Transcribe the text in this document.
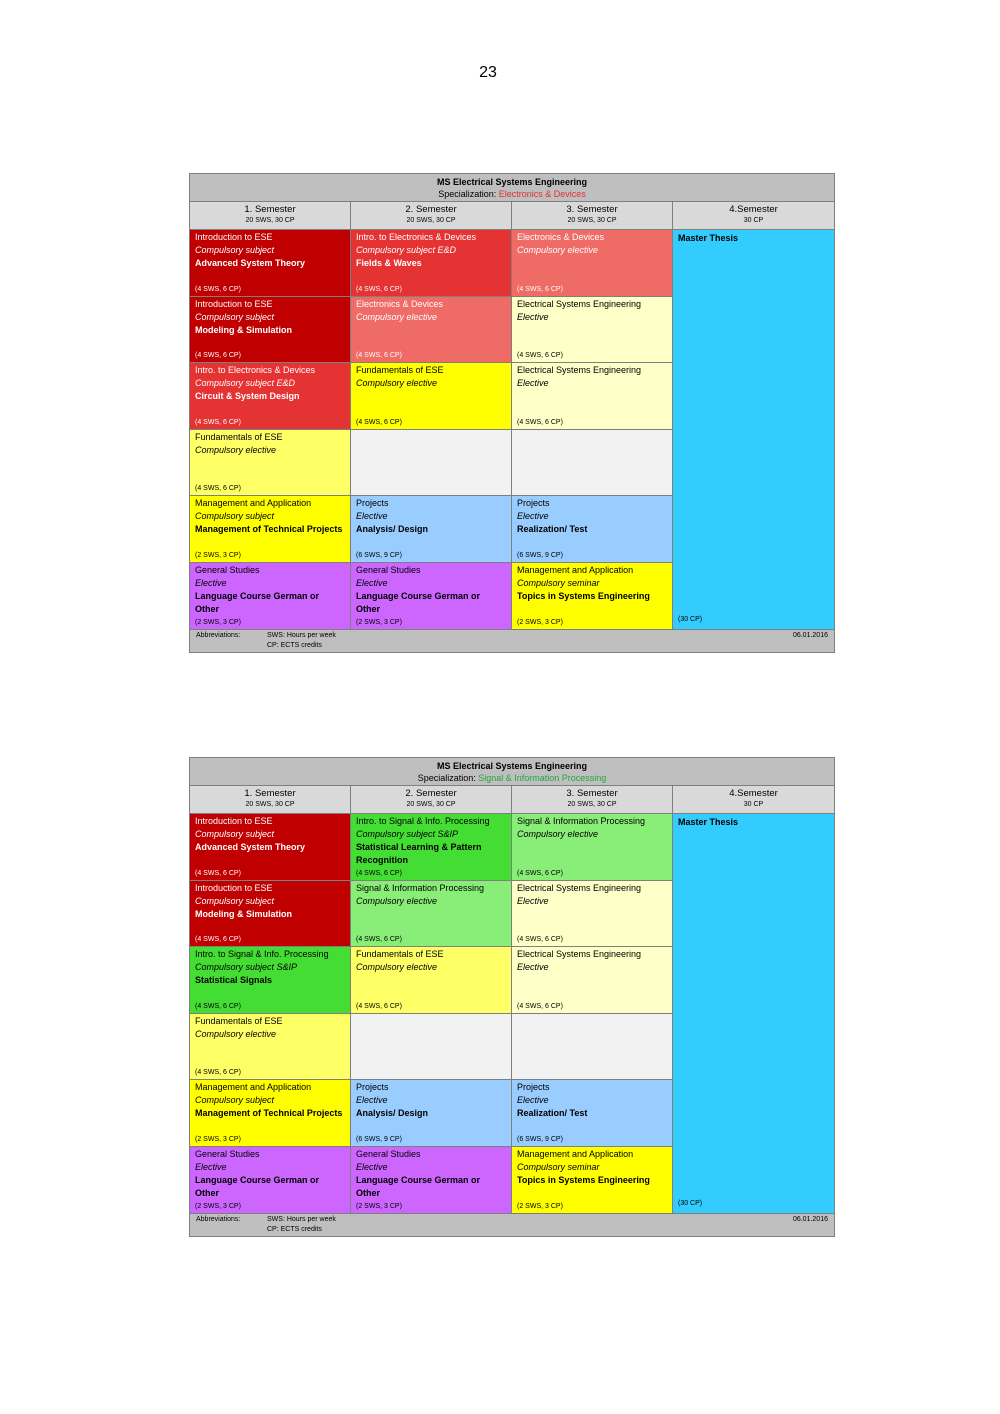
23
MS Electrical Systems Engineering
Specialization: Electronics & Devices
1. Semester
20 SWS, 30 CP
2. Semester
20 SWS, 30 CP
3. Semester
20 SWS, 30 CP
4.Semester
30 CP
Introduction to ESE
Compulsory subject
Advanced System Theory
(4 SWS, 6 CP)
Introduction to ESE
Compulsory subject
Modeling & Simulation
(4 SWS, 6 CP)
Intro. to Electronics & Devices
Compulsory subject E&D
Circuit & System Design
(4 SWS, 6 CP)
Fundamentals of ESE
Compulsory elective
(4 SWS, 6 CP)
Management and Application
Compulsory subject
Management of Technical Projects
(2 SWS, 3 CP)
General Studies
Elective
Language Course German or Other
(2 SWS, 3 CP)
Intro. to Electronics & Devices
Compulsory subject E&D
Fields & Waves
(4 SWS, 6 CP)
Electronics & Devices
Compulsory elective
(4 SWS, 6 CP)
Fundamentals of ESE
Compulsory elective
(4 SWS, 6 CP)
Projects
Elective
Analysis/ Design
(6 SWS, 9 CP)
General Studies
Elective
Language Course German or Other
(2 SWS, 3 CP)
Electronics & Devices
Compulsory elective
(4 SWS, 6 CP)
Electrical Systems Engineering
Elective
(4 SWS, 6 CP)
Electrical Systems Engineering
Elective
(4 SWS, 6 CP)
Projects
Elective
Realization/ Test
(6 SWS, 9 CP)
Management and Application
Compulsory seminar
Topics in Systems Engineering
(2 SWS, 3 CP)
Master Thesis
(30 CP)
Abbreviations:	SWS: Hours per week
CP: ECTS credits
06.01.2016
MS Electrical Systems Engineering
Specialization: Signal & Information Processing
1. Semester
20 SWS, 30 CP
2. Semester
20 SWS, 30 CP
3. Semester
20 SWS, 30 CP
4.Semester
30 CP
Introduction to ESE
Compulsory subject
Advanced System Theory
(4 SWS, 6 CP)
Introduction to ESE
Compulsory subject
Modeling & Simulation
(4 SWS, 6 CP)
Intro. to Signal & Info. Processing
Compulsory subject S&IP
Statistical Signals
(4 SWS, 6 CP)
Fundamentals of ESE
Compulsory elective
(4 SWS, 6 CP)
Management and Application
Compulsory subject
Management of Technical Projects
(2 SWS, 3 CP)
General Studies
Elective
Language Course German or Other
(2 SWS, 3 CP)
Intro. to Signal & Info. Processing
Compulsory subject S&IP
Statistical Learning & Pattern Recognition
(4 SWS, 6 CP)
Signal & Information Processing
Compulsory elective
(4 SWS, 6 CP)
Fundamentals of ESE
Compulsory elective
(4 SWS, 6 CP)
Projects
Elective
Analysis/ Design
(6 SWS, 9 CP)
General Studies
Elective
Language Course German or Other
(2 SWS, 3 CP)
Signal & Information Processing
Compulsory elective
(4 SWS, 6 CP)
Electrical Systems Engineering
Elective
(4 SWS, 6 CP)
Electrical Systems Engineering
Elective
(4 SWS, 6 CP)
Projects
Elective
Realization/ Test
(6 SWS, 9 CP)
Management and Application
Compulsory seminar
Topics in Systems Engineering
(2 SWS, 3 CP)
Master Thesis
(30 CP)
Abbreviations:	SWS: Hours per week
CP: ECTS credits
06.01.2016
